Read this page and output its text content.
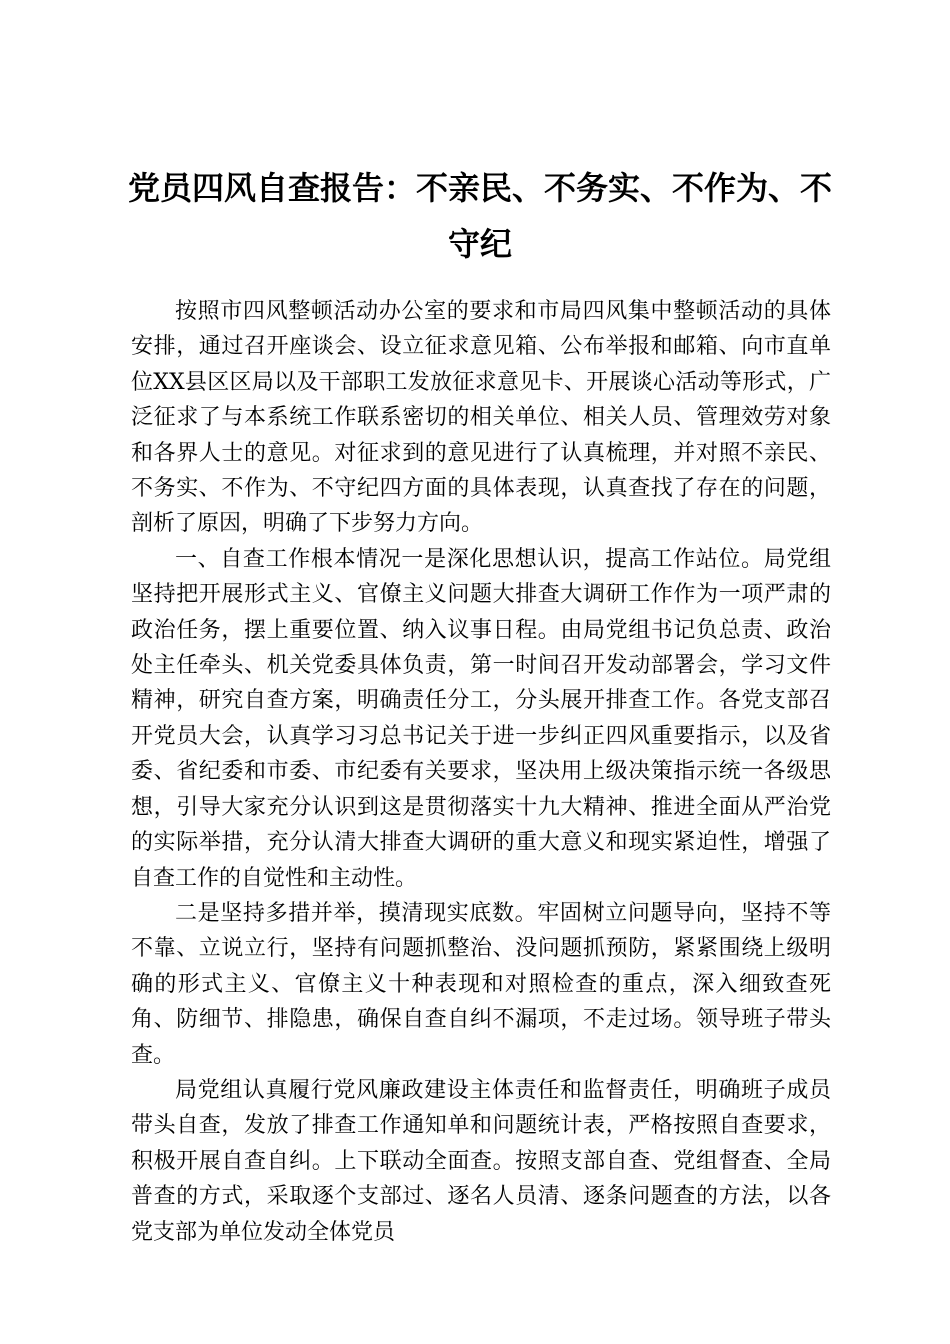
党员四风自查报告：不亲民、不务实、不作为、不守纪

按照市四风整顿活动办公室的要求和市局四风集中整顿活动的具体安排，通过召开座谈会、设立征求意见箱、公布举报和邮箱、向市直单位XX县区区局以及干部职工发放征求意见卡、开展谈心活动等形式，广泛征求了与本系统工作联系密切的相关单位、相关人员、管理效劳对象和各界人士的意见。对征求到的意见进行了认真梳理，并对照不亲民、不务实、不作为、不守纪四方面的具体表现，认真查找了存在的问题，剖析了原因，明确了下步努力方向。

一、自查工作根本情况一是深化思想认识，提高工作站位。局党组坚持把开展形式主义、官僚主义问题大排查大调研工作作为一项严肃的政治任务，摆上重要位置、纳入议事日程。由局党组书记负总责、政治处主任牵头、机关党委具体负责，第一时间召开发动部署会，学习文件精神，研究自查方案，明确责任分工，分头展开排查工作。各党支部召开党员大会，认真学习习总书记关于进一步纠正四风重要指示，以及省委、省纪委和市委、市纪委有关要求，坚决用上级决策指示统一各级思想，引导大家充分认识到这是贯彻落实十九大精神、推进全面从严治党的实际举措，充分认清大排查大调研的重大意义和现实紧迫性，增强了自查工作的自觉性和主动性。

二是坚持多措并举，摸清现实底数。牢固树立问题导向，坚持不等不靠、立说立行，坚持有问题抓整治、没问题抓预防，紧紧围绕上级明确的形式主义、官僚主义十种表现和对照检查的重点，深入细致查死角、防细节、排隐患，确保自查自纠不漏项，不走过场。领导班子带头查。

局党组认真履行党风廉政建设主体责任和监督责任，明确班子成员带头自查，发放了排查工作通知单和问题统计表，严格按照自查要求，积极开展自查自纠。上下联动全面查。按照支部自查、党组督查、全局普查的方式，采取逐个支部过、逐名人员清、逐条问题查的方法，以各党支部为单位发动全体党员
